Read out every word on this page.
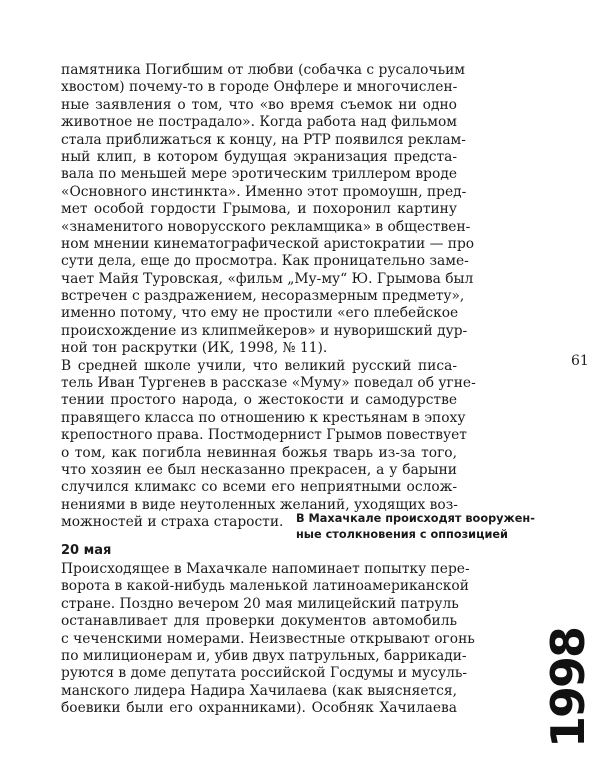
памятника Погибшим от любви (собачка с русалочьим
хвостом) почему-то в городе Онфлере и многочислен-
ные заявления о том, что «во время съемок ни одно
животное не пострадало». Когда работа над фильмом
стала приближаться к концу, на РТР появился реклам-
ный клип, в котором будущая экранизация предста-
вала по меньшей мере эротическим триллером вроде
«Основного инстинкта». Именно этот промоушн, пред-
мет особой гордости Грымова, и похоронил картину
«знаменитого новорусского рекламщика» в обществен-
ном мнении кинематографической аристократии — про
сути дела, еще до просмотра. Как проницательно заме-
чает Майя Туровская, «фильм „Му-му“ Ю. Грымова был
встречен с раздражением, несоразмерным предмету»,
именно потому, что ему не простили «его плебейское
происхождение из клипмейкеров» и нуворишский дур-
ной тон раскрутки (ИК, 1998, № 11).
В средней школе учили, что великий русский писа-
тель Иван Тургенев в рассказе «Муму» поведал об угне-
тении простого народа, о жестокости и самодурстве
правящего класса по отношению к крестьянам в эпоху
крепостного права. Постмодернист Грымов повествует
о том, как погибла невинная божья тварь из-за того,
что хозяин ее был несказанно прекрасен, а у барыни
случился климакс со всеми его неприятными ослож-
нениями в виде неутоленных желаний, уходящих воз-
можностей и страха старости.
61
В Махачкале происходят вооружен-
ные столкновения с оппозицией
20 мая
Происходящее в Махачкале напоминает попытку пере-
ворота в какой-нибудь маленькой латиноамериканской
стране. Поздно вечером 20 мая милицейский патруль
останавливает для проверки документов автомобиль
с чеченскими номерами. Неизвестные открывают огонь
по милиционерам и, убив двух патрульных, баррикади-
руются в доме депутата российской Госдумы и мусуль-
манского лидера Надира Хачилаева (как выясняется,
боевики были его охранниками). Особняк Хачилаева 1998
